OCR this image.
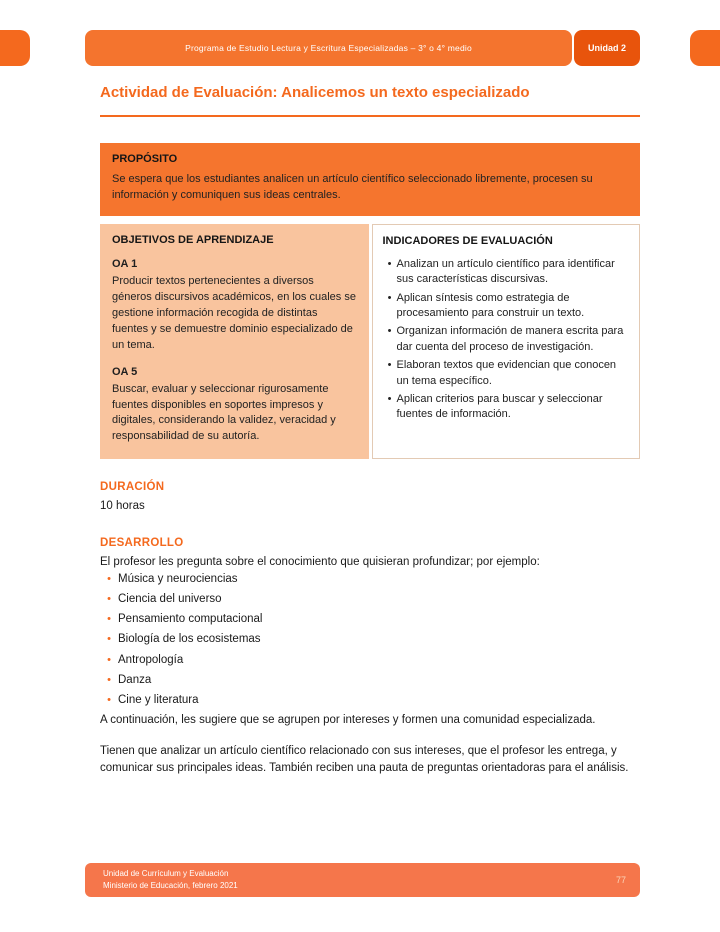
Programa de Estudio Lectura y Escritura Especializadas – 3° o 4° medio	Unidad 2
Actividad de Evaluación: Analicemos un texto especializado

PROPÓSITO

Se espera que los estudiantes analicen un artículo científico seleccionado libremente, procesen su información y comuniquen sus ideas centrales.

OBJETIVOS DE APRENDIZAJE

OA 1

Producir textos pertenecientes a diversos géneros discursivos académicos, en los cuales se gestione información recogida de distintas fuentes y se demuestre dominio especializado de un tema.

OA 5

Buscar, evaluar y seleccionar rigurosamente fuentes disponibles en soportes impresos y digitales, considerando la validez, veracidad y responsabilidad de su autoría.

INDICADORES DE EVALUACIÓN

• Analizan un artículo científico para identificar sus características discursivas.
• Aplican síntesis como estrategia de procesamiento para construir un texto.
• Organizan información de manera escrita para dar cuenta del proceso de investigación.
• Elaboran textos que evidencian que conocen un tema específico.
• Aplican criterios para buscar y seleccionar fuentes de información.

DURACIÓN

10 horas

DESARROLLO

El profesor les pregunta sobre el conocimiento que quisieran profundizar; por ejemplo:

• Música y neurociencias
• Ciencia del universo
• Pensamiento computacional
• Biología de los ecosistemas
• Antropología
• Danza
• Cine y literatura

A continuación, les sugiere que se agrupen por intereses y formen una comunidad especializada.

Tienen que analizar un artículo científico relacionado con sus intereses, que el profesor les entrega, y comunicar sus principales ideas. También reciben una pauta de preguntas orientadoras para el análisis.

Unidad de Currículum y Evaluación
Ministerio de Educación, febrero 2021
77
